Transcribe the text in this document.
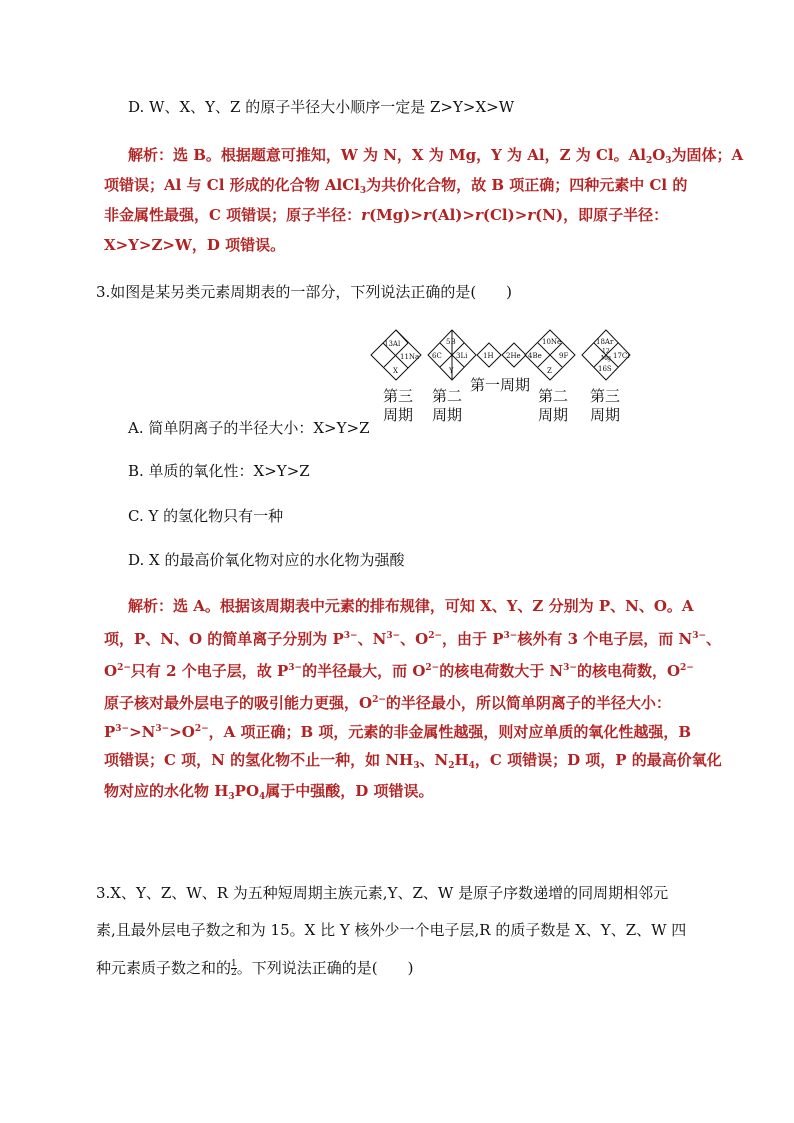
D. W、X、Y、Z 的原子半径大小顺序一定是 Z>Y>X>W
解析：选 B。根据题意可推知，W 为 N，X 为 Mg，Y 为 Al，Z 为 Cl。$Al_2O_3$为固体；A
项错误；Al 与 Cl 形成的化合物 AlCl$_3$为共价化合物，故 B 项正确；四种元素中 Cl 的
非金属性最强，C 项错误；原子半径：r(Mg)>r(Al)>r(Cl)>r(N)，即原子半径：
X>Y>Z>W，D 项错误。
3.如图是某另类元素周期表的一部分，下列说法正确的是(　　)
13Al
11Na
X
5B
6C 3Li
Y
1H 2He
10Ne
4Be 9F
Z
18Ar
12
Mg 17Cl
16S
第三
周期
第二
周期
第一周期
第二
周期
第三
周期
A. 简单阴离子的半径大小：X>Y>Z
B. 单质的氧化性：X>Y>Z
C. Y 的氢化物只有一种
D. X 的最高价氧化物对应的水化物为强酸
解析：选 A。根据该周期表中元素的排布规律，可知 X、Y、Z 分别为 P、N、O。A
项，P、N、O 的简单离子分别为 $P^{3-}$、$N^{3-}$、$O^{2-}$，由于 $P^{3-}$核外有 3 个电子层，而 $N^{3-}$、
$O^{2-}$只有 2 个电子层，故 $P^{3-}$的半径最大，而 $O^{2-}$的核电荷数大于 $N^{3-}$的核电荷数，$O^{2-}$
原子核对最外层电子的吸引能力更强，$O^{2-}$的半径最小，所以简单阴离子的半径大小：
$P^{3-}>N^{3-}>O^{2-}$，A 项正确；B 项，元素的非金属性越强，则对应单质的氧化性越强，B
项错误；C 项，N 的氢化物不止一种，如 $NH_3$、$N_2H_4$，C 项错误；D 项，P 的最高价氧化
物对应的水化物 $H_3PO_4$属于中强酸，D 项错误。
3.X、Y、Z、W、R 为五种短周期主族元素,Y、Z、W 是原子序数递增的同周期相邻元
素,且最外层电子数之和为 15。X 比 Y 核外少一个电子层,R 的质子数是 X、Y、Z、W 四
种元素质子数之和的 $\frac{1}{2}$ 。下列说法正确的是(　　)
